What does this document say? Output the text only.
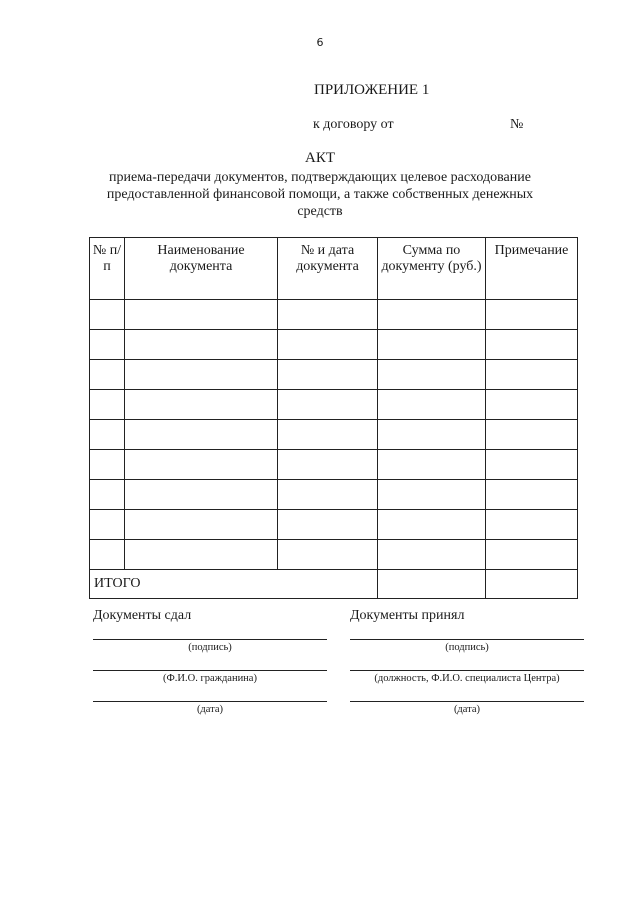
6
ПРИЛОЖЕНИЕ 1
к договору от	№
АКТ
приема-передачи документов, подтверждающих целевое расходование предоставленной финансовой помощи, а также собственных денежных средств
№ п/п	Наименование документа	№ и дата документа	Сумма по документу (руб.)	Примечание

ИТОГО				
Документы сдал
(подпись)
(Ф.И.О. гражданина)
(дата)
Документы принял
(подпись)
(должность, Ф.И.О. специалиста Центра)
(дата)
